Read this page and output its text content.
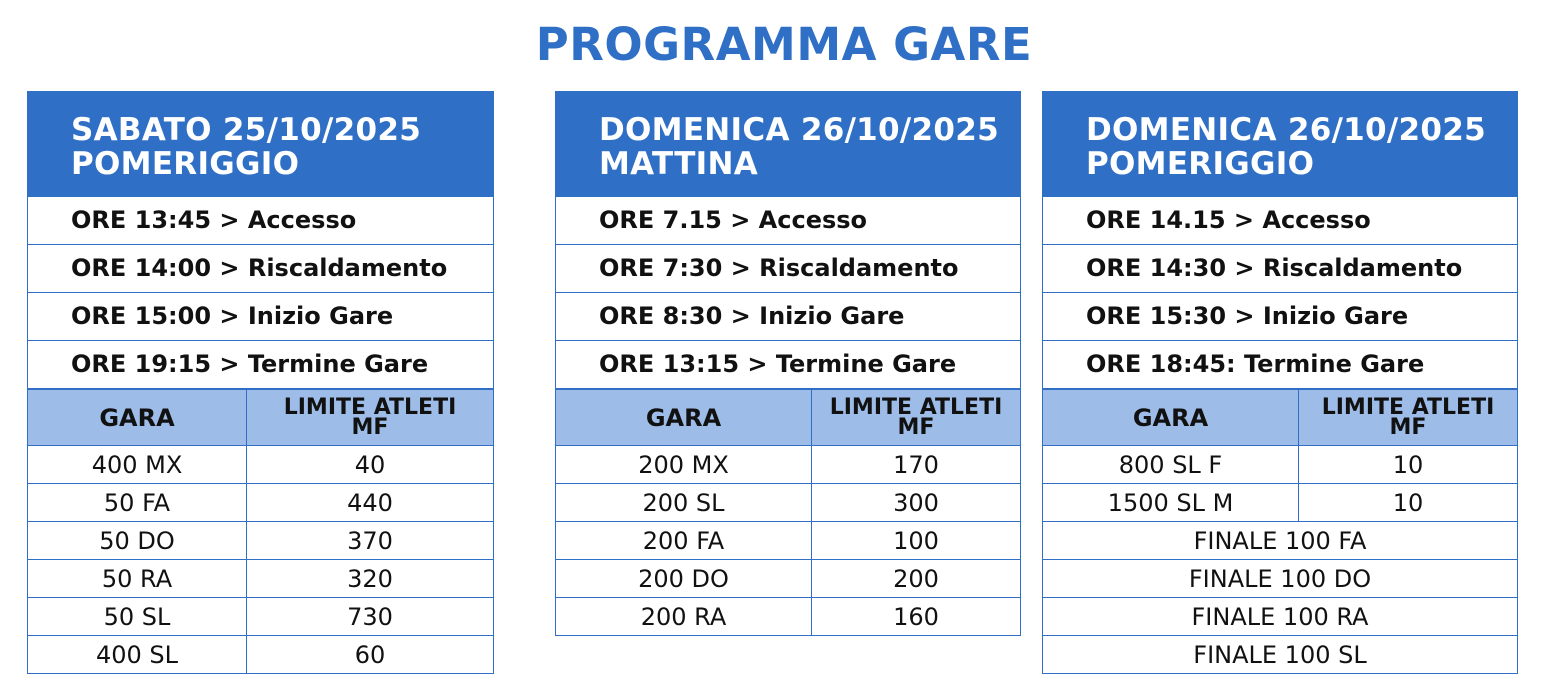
PROGRAMMA GARE
SABATO 25/10/2025
POMERIGGIO
ORE 13:45 > Accesso
ORE 14:00 > Riscaldamento
ORE 15:00 > Inizio Gare
ORE 19:15 > Termine Gare
GARA	LIMITE ATLETI
MF
400 MX	40
50 FA	440
50 DO	370
50 RA	320
50 SL	730
400 SL	60
DOMENICA 26/10/2025
MATTINA
ORE 7.15 > Accesso
ORE 7:30 > Riscaldamento
ORE 8:30 > Inizio Gare
ORE 13:15 > Termine Gare
GARA	LIMITE ATLETI
MF
200 MX	170
200 SL	300
200 FA	100
200 DO	200
200 RA	160
DOMENICA 26/10/2025
POMERIGGIO
ORE 14.15 > Accesso
ORE 14:30 > Riscaldamento
ORE 15:30 > Inizio Gare
ORE 18:45: Termine Gare
GARA	LIMITE ATLETI
MF
800 SL F	10
1500 SL M	10
FINALE 100 FA
FINALE 100 DO
FINALE 100 RA
FINALE 100 SL
